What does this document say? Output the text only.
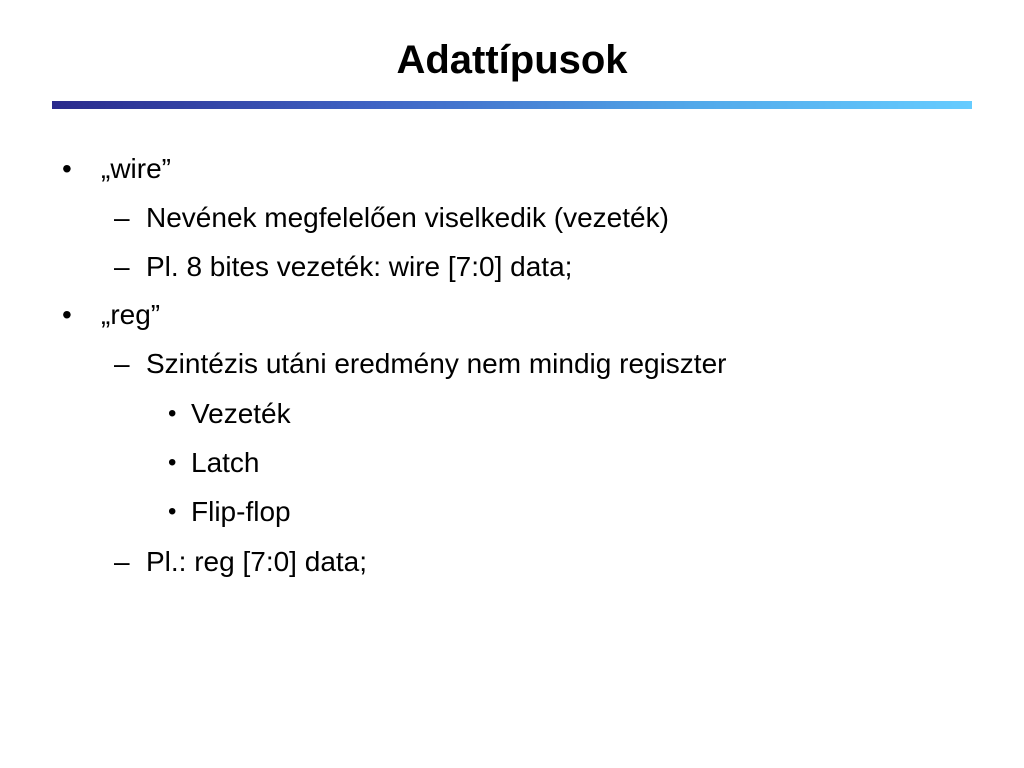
Adattípusok
• „wire”
– Nevének megfelelően viselkedik (vezeték)
– Pl. 8 bites vezeték: wire [7:0] data;
• „reg”
– Szintézis utáni eredmény nem mindig regiszter
• Vezeték
• Latch
• Flip-flop
– Pl.: reg [7:0] data;
